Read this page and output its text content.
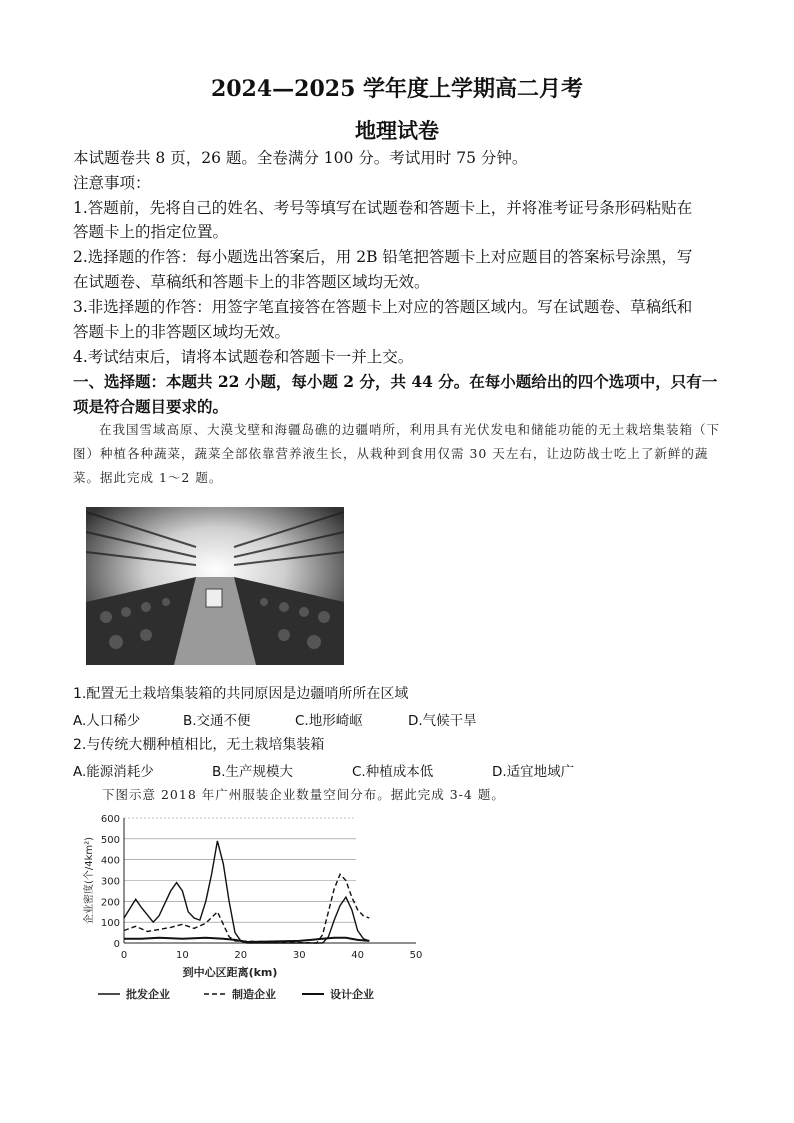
2024—2025 学年度上学期高二月考
地理试卷
本试题卷共 8 页，26 题。全卷满分 100 分。考试用时 75 分钟。
注意事项：
1.答题前，先将自己的姓名、考号等填写在试题卷和答题卡上，并将准考证号条形码粘贴在
答题卡上的指定位置。
2.选择题的作答：每小题选出答案后，用 2B 铅笔把答题卡上对应题目的答案标号涂黑，写
在试题卷、草稿纸和答题卡上的非答题区域均无效。
3.非选择题的作答：用签字笔直接答在答题卡上对应的答题区域内。写在试题卷、草稿纸和
答题卡上的非答题区域均无效。
4.考试结束后，请将本试题卷和答题卡一并上交。
一、选择题：本题共 22 小题，每小题 2 分，共 44 分。在每小题给出的四个选项中，只有一
项是符合题目要求的。
在我国雪域高原、大漠戈壁和海疆岛礁的边疆哨所，利用具有光伏发电和储能功能的无土栽培集装箱（下图）种植各种蔬菜，蔬菜全部依靠营养液生长，从栽种到食用仅需 30 天左右，让边防战士吃上了新鲜的蔬菜。据此完成 1～2 题。
1.配置无土栽培集装箱的共同原因是边疆哨所所在区域
A.人口稀少	B.交通不便	C.地形崎岖	D.气候干旱
2.与传统大棚种植相比，无土栽培集装箱
A.能源消耗少	B.生产规模大	C.种植成本低	D.适宜地域广
下图示意 2018 年广州服装企业数量空间分布。据此完成 3-4 题。
0
100
200
300
400
500
600
0	10	20	30	40	50
到中心区距离(km)
企业密度(个/4km²)
批发企业	制造企业	设计企业
